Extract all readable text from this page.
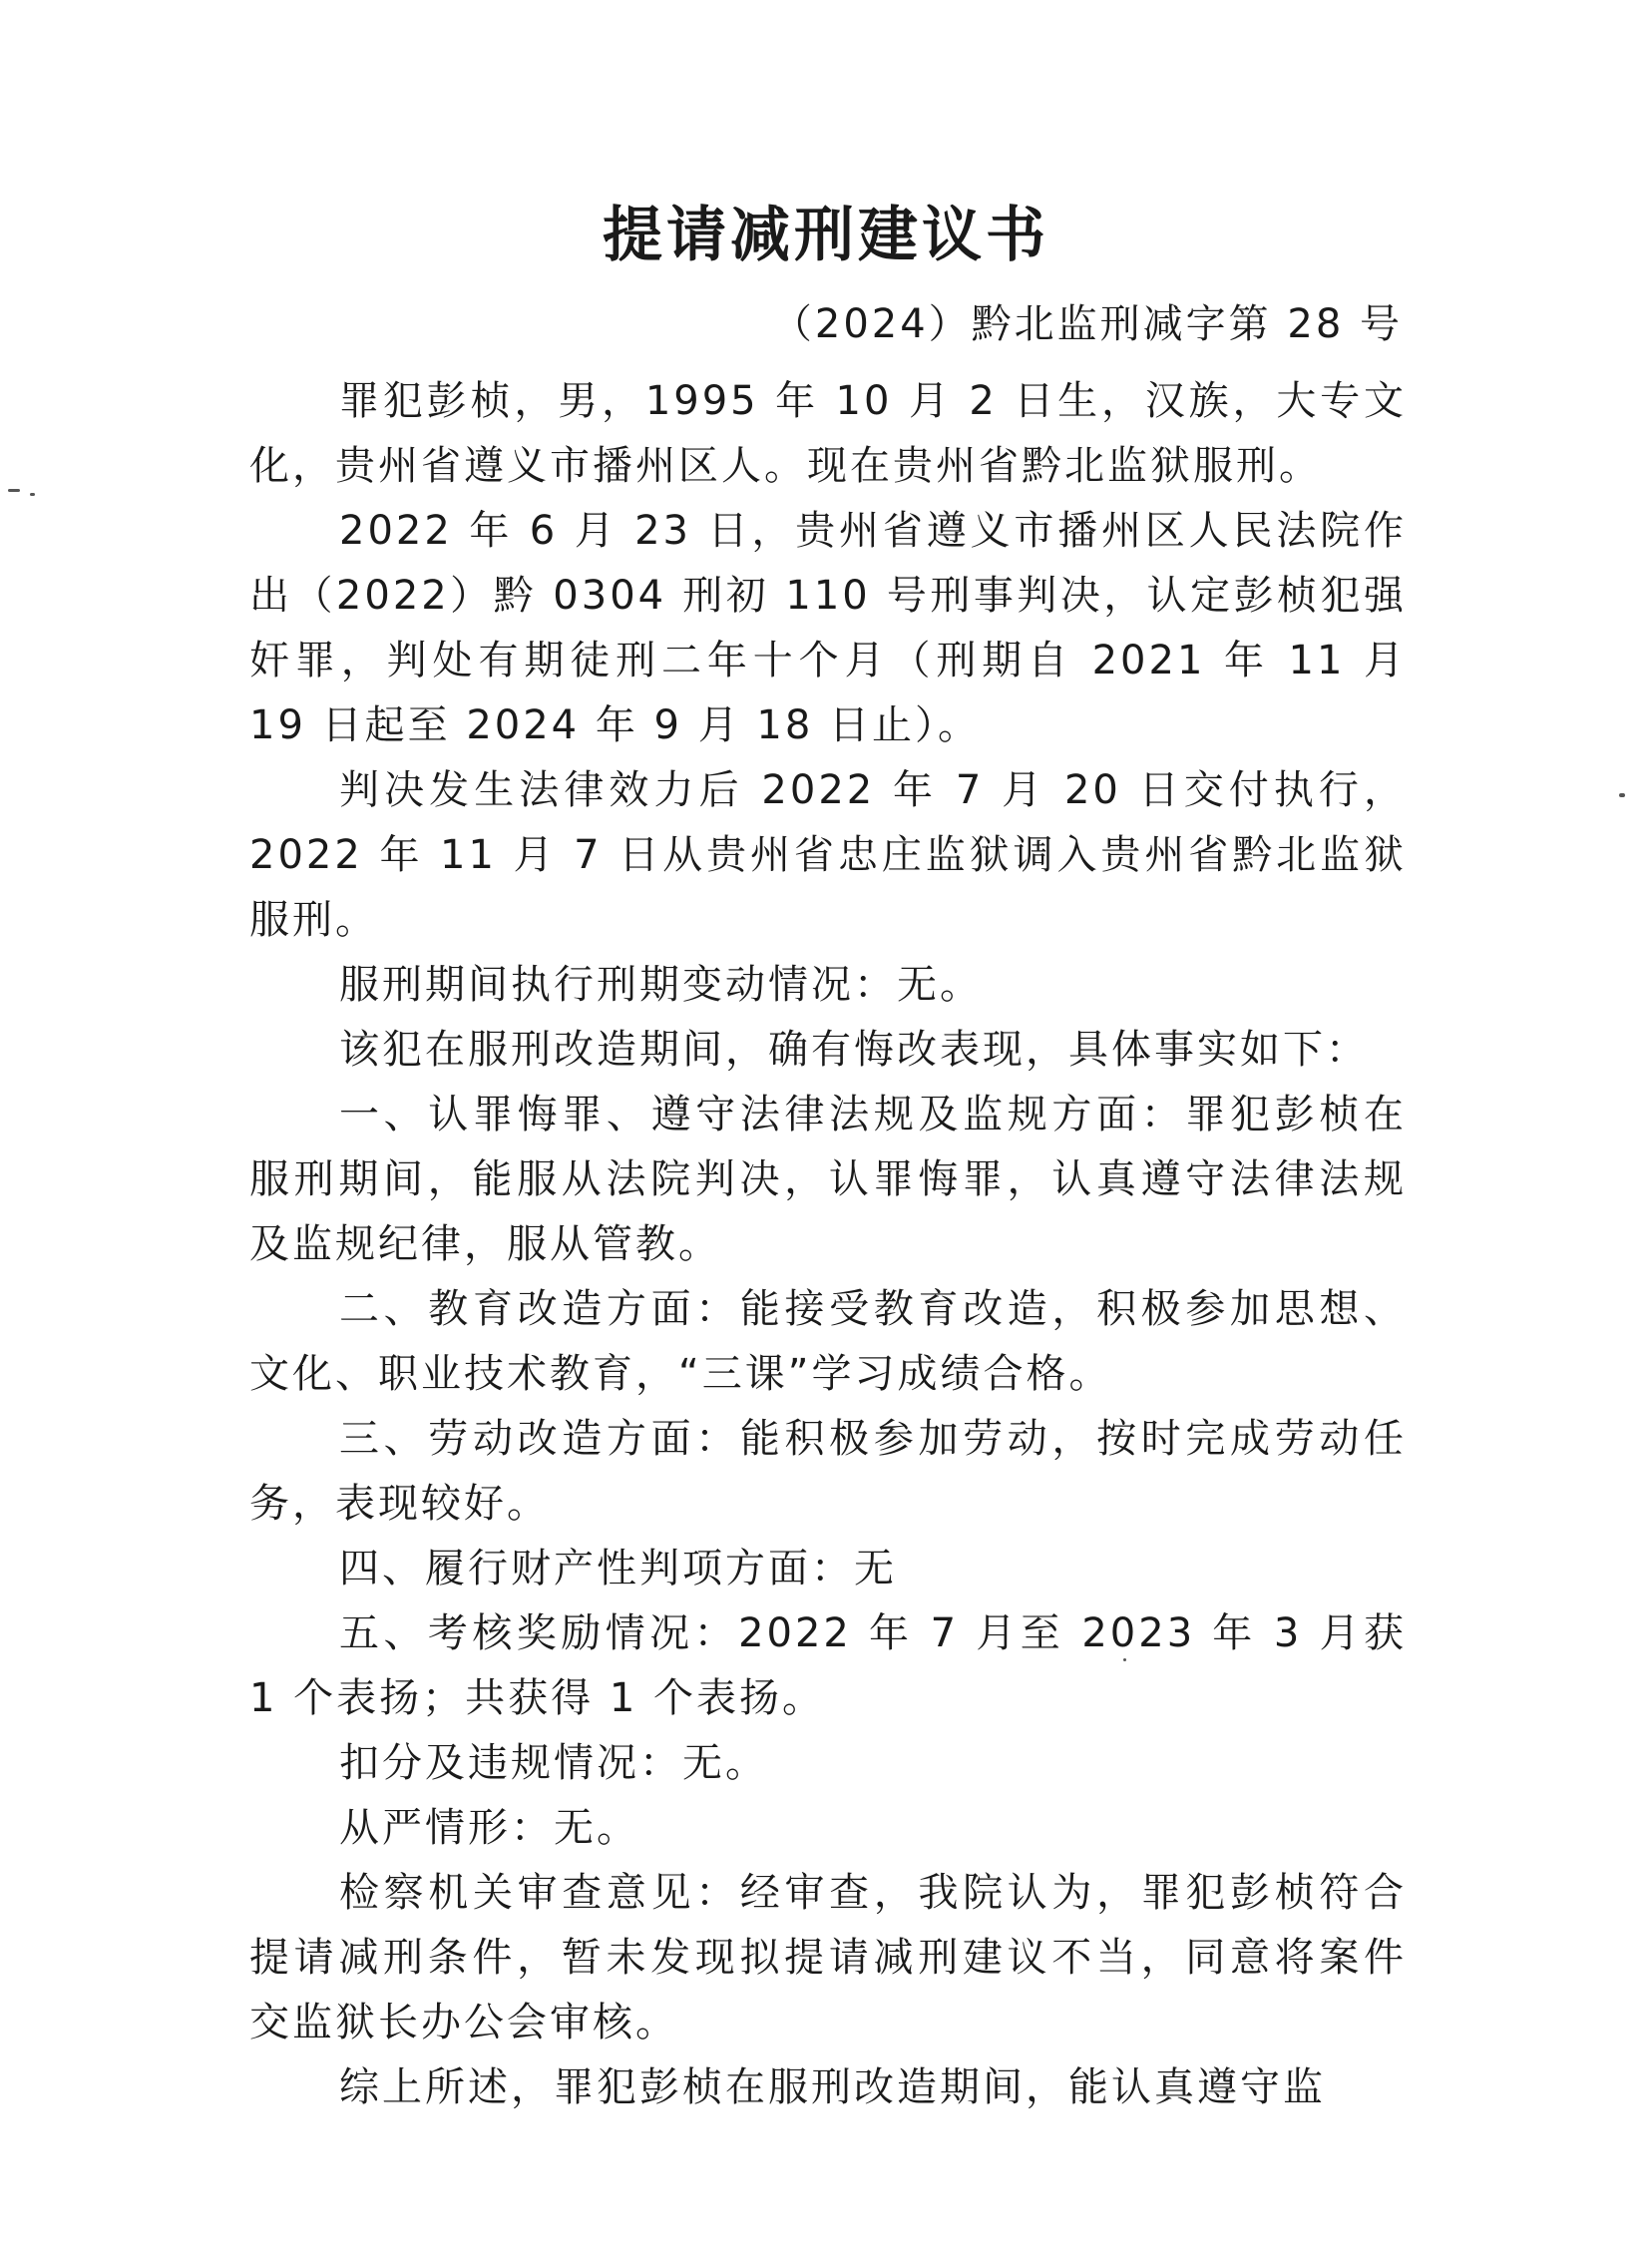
提请减刑建议书
（2024）黔北监刑减字第 28 号

罪犯彭桢，男，1995 年 10 月 2 日生，汉族，大专文化，贵州省遵义市播州区人。现在贵州省黔北监狱服刑。

2022 年 6 月 23 日，贵州省遵义市播州区人民法院作出（2022）黔 0304 刑初 110 号刑事判决，认定彭桢犯强奸罪，判处有期徒刑二年十个月（刑期自 2021 年 11 月 19 日起至 2024 年 9 月 18 日止）。

判决发生法律效力后 2022 年 7 月 20 日交付执行，2022 年 11 月 7 日从贵州省忠庄监狱调入贵州省黔北监狱服刑。

服刑期间执行刑期变动情况：无。

该犯在服刑改造期间，确有悔改表现，具体事实如下：

一、认罪悔罪、遵守法律法规及监规方面：罪犯彭桢在服刑期间，能服从法院判决，认罪悔罪，认真遵守法律法规及监规纪律，服从管教。

二、教育改造方面：能接受教育改造，积极参加思想、文化、职业技术教育，“三课”学习成绩合格。

三、劳动改造方面：能积极参加劳动，按时完成劳动任务，表现较好。

四、履行财产性判项方面：无

五、考核奖励情况：2022 年 7 月至 2023 年 3 月获 1 个表扬；共获得 1 个表扬。

扣分及违规情况：无。

从严情形：无。

检察机关审查意见：经审查，我院认为，罪犯彭桢符合提请减刑条件，暂未发现拟提请减刑建议不当，同意将案件交监狱长办公会审核。

综上所述，罪犯彭桢在服刑改造期间，能认真遵守监
